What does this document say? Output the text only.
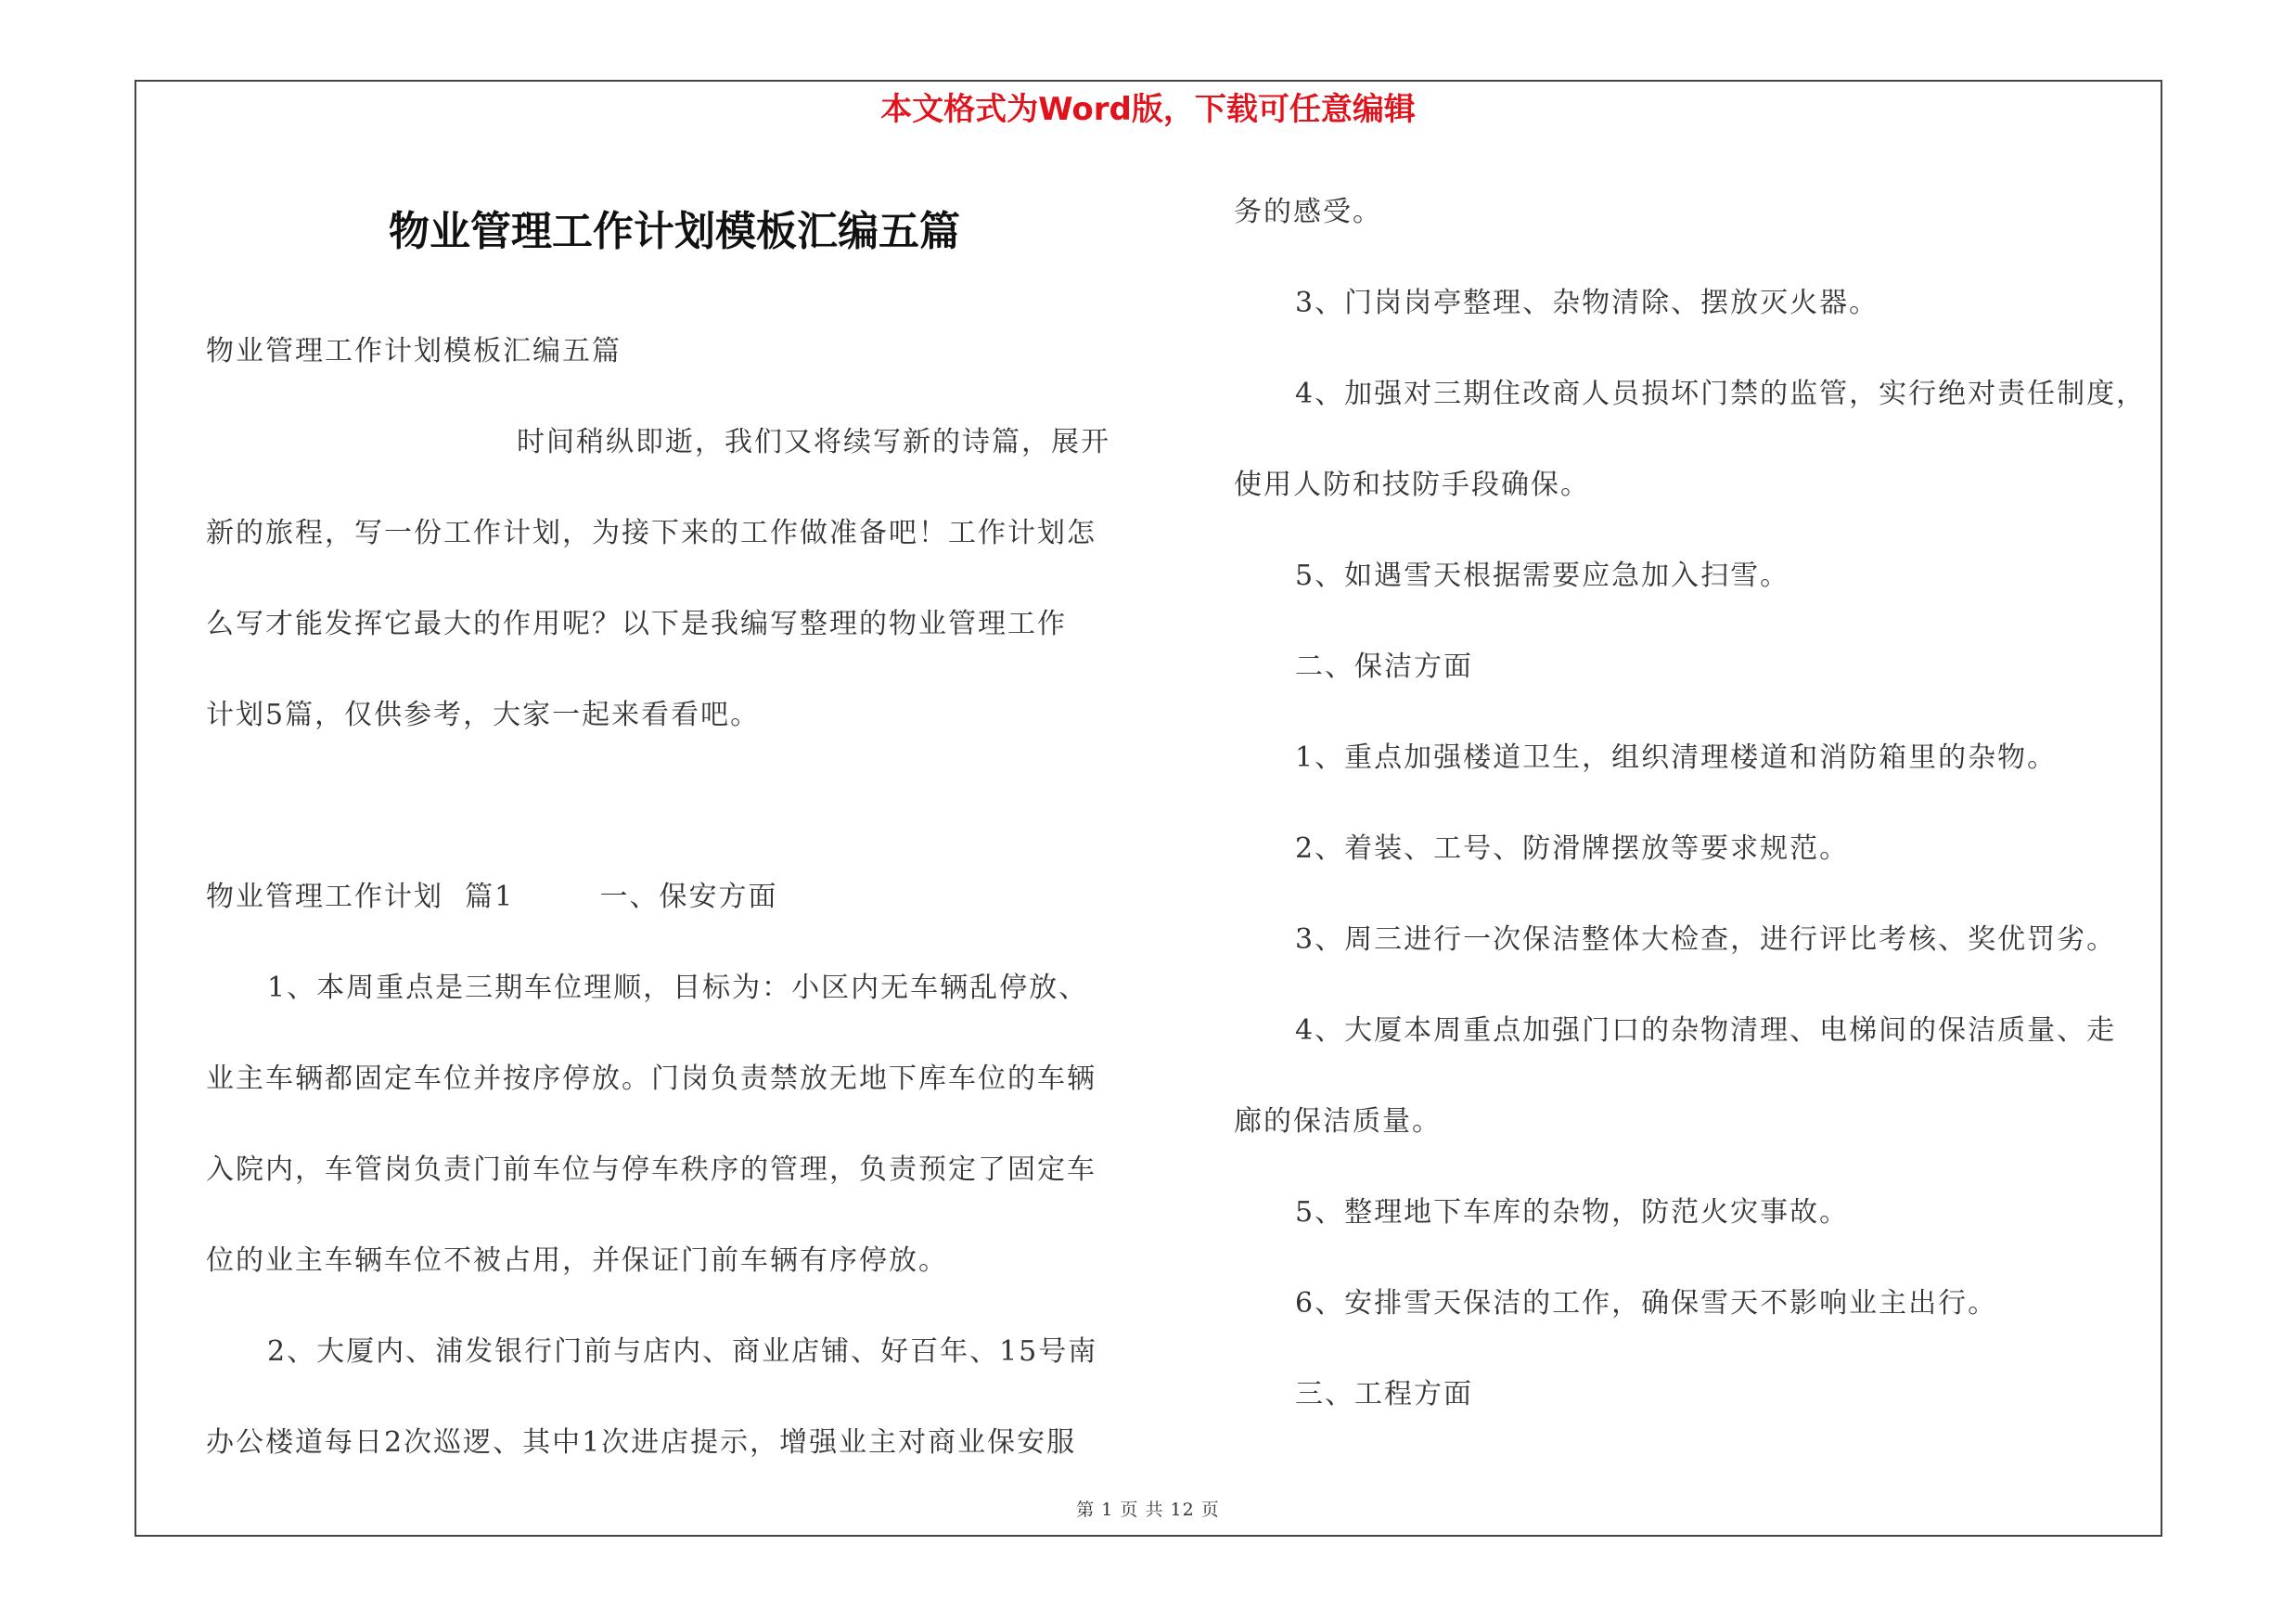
本文格式为Word版，下载可任意编辑
物业管理工作计划模板汇编五篇

物业管理工作计划模板汇编五篇

时间稍纵即逝，我们又将续写新的诗篇，展开

新的旅程，写一份工作计划，为接下来的工作做准备吧！工作计划怎

么写才能发挥它最大的作用呢？以下是我编写整理的物业管理工作

计划5篇，仅供参考，大家一起来看看吧。

物业管理工作计划  篇1        一、保安方面

1、本周重点是三期车位理顺，目标为：小区内无车辆乱停放、

业主车辆都固定车位并按序停放。门岗负责禁放无地下库车位的车辆

入院内，车管岗负责门前车位与停车秩序的管理，负责预定了固定车

位的业主车辆车位不被占用，并保证门前车辆有序停放。

2、大厦内、浦发银行门前与店内、商业店铺、好百年、15号南

办公楼道每日2次巡逻、其中1次进店提示，增强业主对商业保安服

务的感受。

3、门岗岗亭整理、杂物清除、摆放灭火器。

4、加强对三期住改商人员损坏门禁的监管，实行绝对责任制度，

使用人防和技防手段确保。

5、如遇雪天根据需要应急加入扫雪。

二、保洁方面

1、重点加强楼道卫生，组织清理楼道和消防箱里的杂物。

2、着装、工号、防滑牌摆放等要求规范。

3、周三进行一次保洁整体大检查，进行评比考核、奖优罚劣。

4、大厦本周重点加强门口的杂物清理、电梯间的保洁质量、走

廊的保洁质量。

5、整理地下车库的杂物，防范火灾事故。

6、安排雪天保洁的工作，确保雪天不影响业主出行。

三、工程方面

第 1 页 共 12 页
